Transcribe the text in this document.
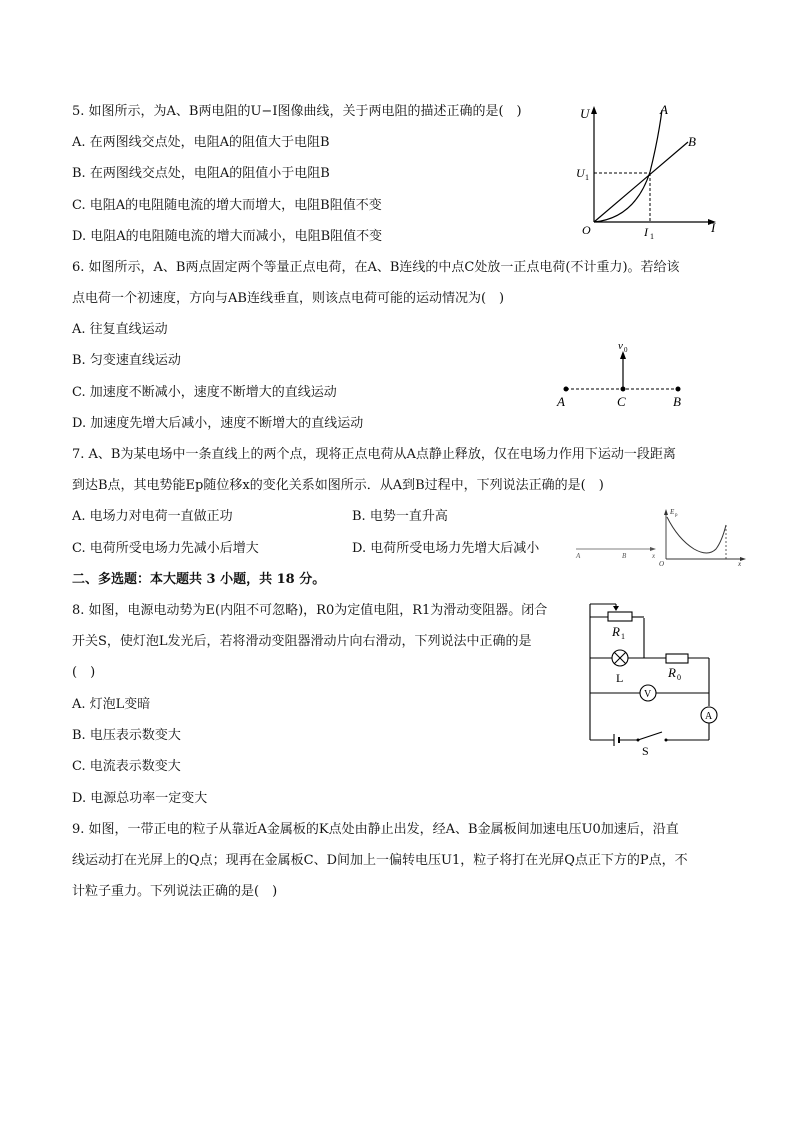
5. 如图所示，为A、B两电阻的U−I图像曲线，关于两电阻的描述正确的是(　)
A. 在两图线交点处，电阻A的阻值大于电阻B
B. 在两图线交点处，电阻A的阻值小于电阻B
C. 电阻A的电阻随电流的增大而增大，电阻B阻值不变
D. 电阻A的电阻随电流的增大而减小，电阻B阻值不变
U
I
O
A
B
U 1
I 1
6. 如图所示，A、B两点固定两个等量正点电荷，在A、B连线的中点C处放一正点电荷(不计重力)。若给该
点电荷一个初速度，方向与AB连线垂直，则该点电荷可能的运动情况为(　)
A. 往复直线运动
B. 匀变速直线运动
C. 加速度不断减小，速度不断增大的直线运动
D. 加速度先增大后减小，速度不断增大的直线运动
v 0
A	C	B
7. A、B为某电场中一条直线上的两个点，现将正点电荷从A点静止释放，仅在电场力作用下运动一段距离
到达B点，其电势能Ep随位移x的变化关系如图所示．从A到B过程中，下列说法正确的是(　)
A. 电场力对电荷一直做正功	B. 电势一直升高
C. 电荷所受电场力先减小后增大	D. 电荷所受电场力先增大后减小	A	B	x
E p
O	x
二、多选题：本大题共 3 小题，共 18 分。
8. 如图，电源电动势为E(内阻不可忽略)，R0为定值电阻，R1为滑动变阻器。闭合
开关S，使灯泡L发光后，若将滑动变阻器滑动片向右滑动，下列说法中正确的是
(　)
A. 灯泡L变暗
B. 电压表示数变大
C. 电流表示数变大
D. 电源总功率一定变大
R 1
R 0
L
V
A
S
9. 如图，一带正电的粒子从靠近A金属板的K点处由静止出发，经A、B金属板间加速电压U0加速后，沿直
线运动打在光屏上的Q点；现再在金属板C、D间加上一偏转电压U1，粒子将打在光屏Q点正下方的P点，不
计粒子重力。下列说法正确的是(　)
